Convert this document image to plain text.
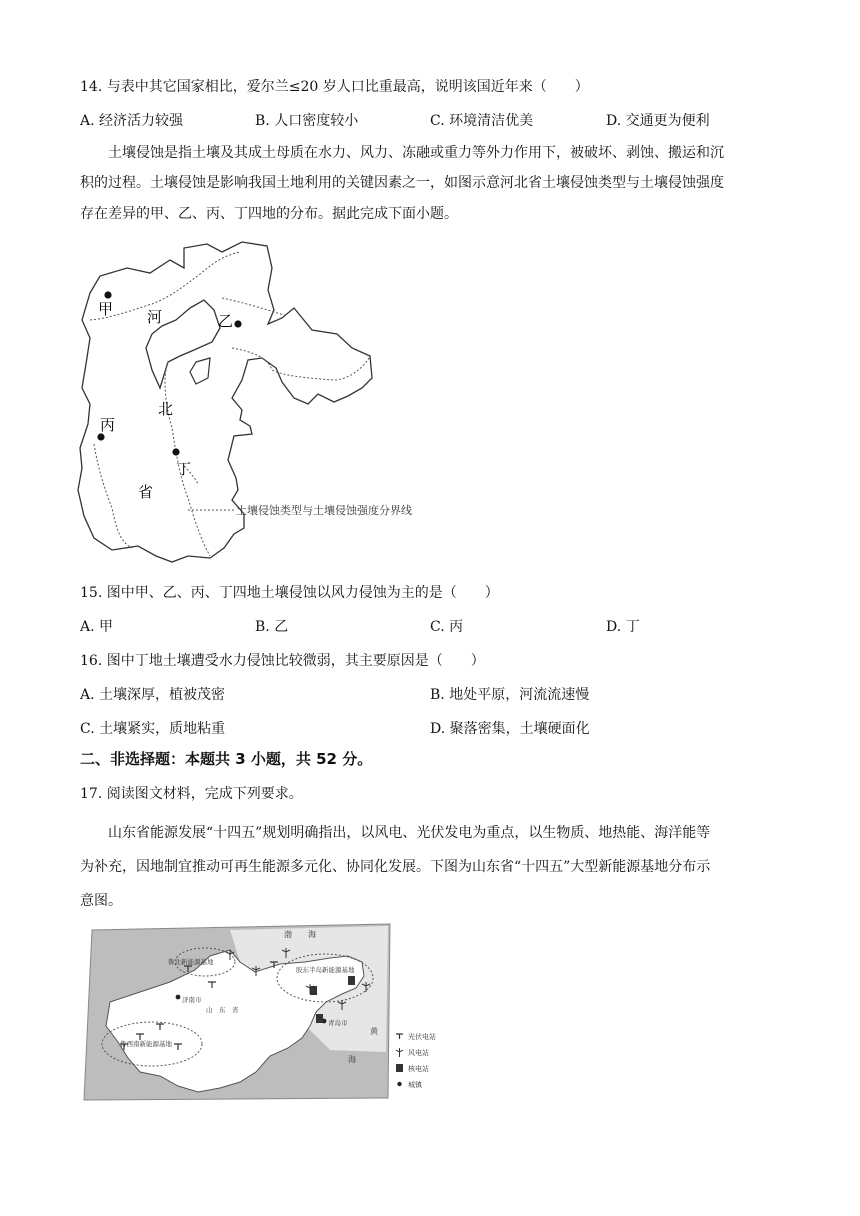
14. 与表中其它国家相比，爱尔兰≤20 岁人口比重最高，说明该国近年来（　　）
A. 经济活力较强	B. 人口密度较小	C. 环境清洁优美	D. 交通更为便利
土壤侵蚀是指土壤及其成土母质在水力、风力、冻融或重力等外力作用下，被破坏、剥蚀、搬运和沉
积的过程。土壤侵蚀是影响我国土地利用的关键因素之一，如图示意河北省土壤侵蚀类型与土壤侵蚀强度
存在差异的甲、乙、丙、丁四地的分布。据此完成下面小题。
甲 河	乙
北
丙
丁
省
土壤侵蚀类型与土壤侵蚀强度分界线
15. 图中甲、乙、丙、丁四地土壤侵蚀以风力侵蚀为主的是（　　）
A. 甲	B. 乙	C. 丙	D. 丁
16. 图中丁地土壤遭受水力侵蚀比较微弱，其主要原因是（　　）
A. 土壤深厚，植被茂密	B. 地处平原，河流流速慢
C. 土壤紧实，质地粘重	D. 聚落密集，土壤硬面化
二、非选择题：本题共 3 小题，共 52 分。
17. 阅读图文材料，完成下列要求。
山东省能源发展“十四五”规划明确指出，以风电、光伏发电为重点，以生物质、地热能、海洋能等
为补充，因地制宜推动可再生能源多元化、协同化发展。下图为山东省“十四五”大型新能源基地分布示
意图。
渤 海
黄
海
鲁北新能源基地
胶东半岛新能源基地
鲁西南新能源基地
济南市
山　东　省
青岛市
光伏电站
风电站
核电站
城镇
